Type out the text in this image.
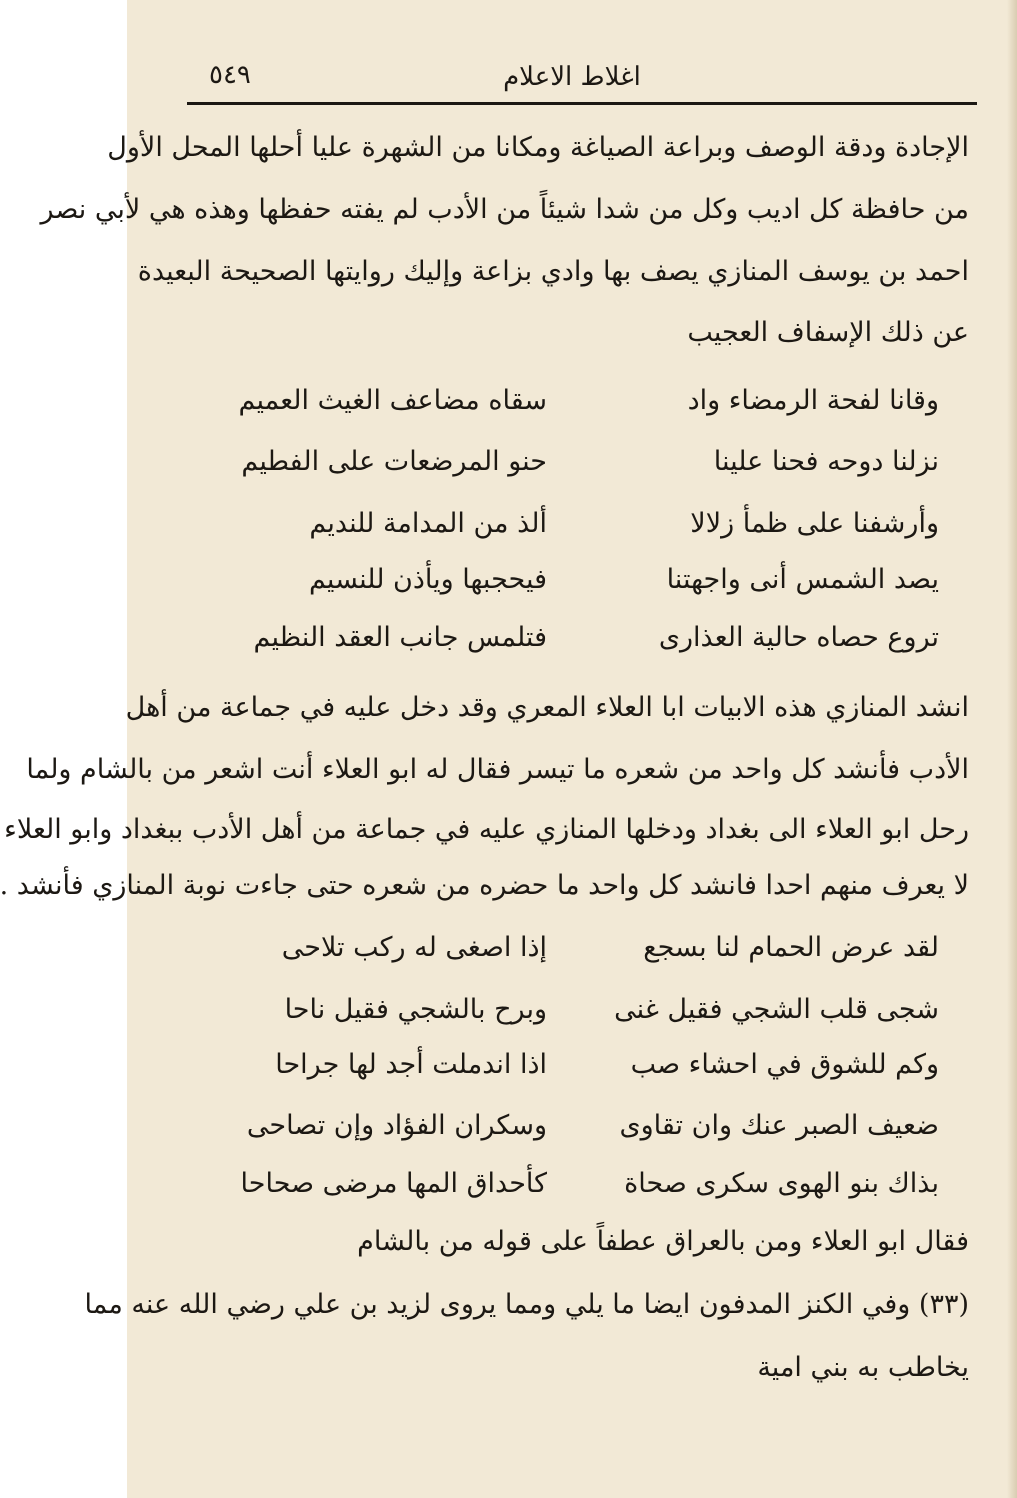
اغلاط الاعلام
٥٤٩
الإجادة ودقة الوصف وبراعة الصياغة ومكانا من الشهرة عليا أحلها المحل الأول
من حافظة كل اديب وكل من شدا شيئاً من الأدب لم يفته حفظها وهذه هي لأبي نصر
احمد بن يوسف المنازي يصف بها وادي بزاعة وإليك روايتها الصحيحة البعيدة
عن ذلك الإسفاف العجيب
وقانا لفحة الرمضاء واد
سقاه مضاعف الغيث العميم
نزلنا دوحه فحنا علينا
حنو المرضعات على الفطيم
وأرشفنا على ظمأ زلالا
ألذ من المدامة للنديم
يصد الشمس أنى واجهتنا
فيحجبها ويأذن للنسيم
تروع حصاه حالية العذارى
فتلمس جانب العقد النظيم
انشد المنازي هذه الابيات ابا العلاء المعري وقد دخل عليه في جماعة من أهل
الأدب فأنشد كل واحد من شعره ما تيسر فقال له ابو العلاء أنت اشعر من بالشام ولما
رحل ابو العلاء الى بغداد ودخلها المنازي عليه في جماعة من أهل الأدب ببغداد وابو العلاء
لا يعرف منهم احدا فانشد كل واحد ما حضره من شعره حتى جاءت نوبة المنازي فأنشد .
لقد عرض الحمام لنا بسجع
إذا اصغى له ركب تلاحى
شجى قلب الشجي فقيل غنى
وبرح بالشجي فقيل ناحا
وكم للشوق في احشاء صب
اذا اندملت أجد لها جراحا
ضعيف الصبر عنك وان تقاوى
وسكران الفؤاد وإن تصاحى
بذاك بنو الهوى سكرى صحاة
كأحداق المها مرضى صحاحا
فقال ابو العلاء ومن بالعراق عطفاً على قوله من بالشام
(٣٣) وفي الكنز المدفون ايضا ما يلي ومما يروى لزيد بن علي رضي الله عنه مما
يخاطب به بني امية
